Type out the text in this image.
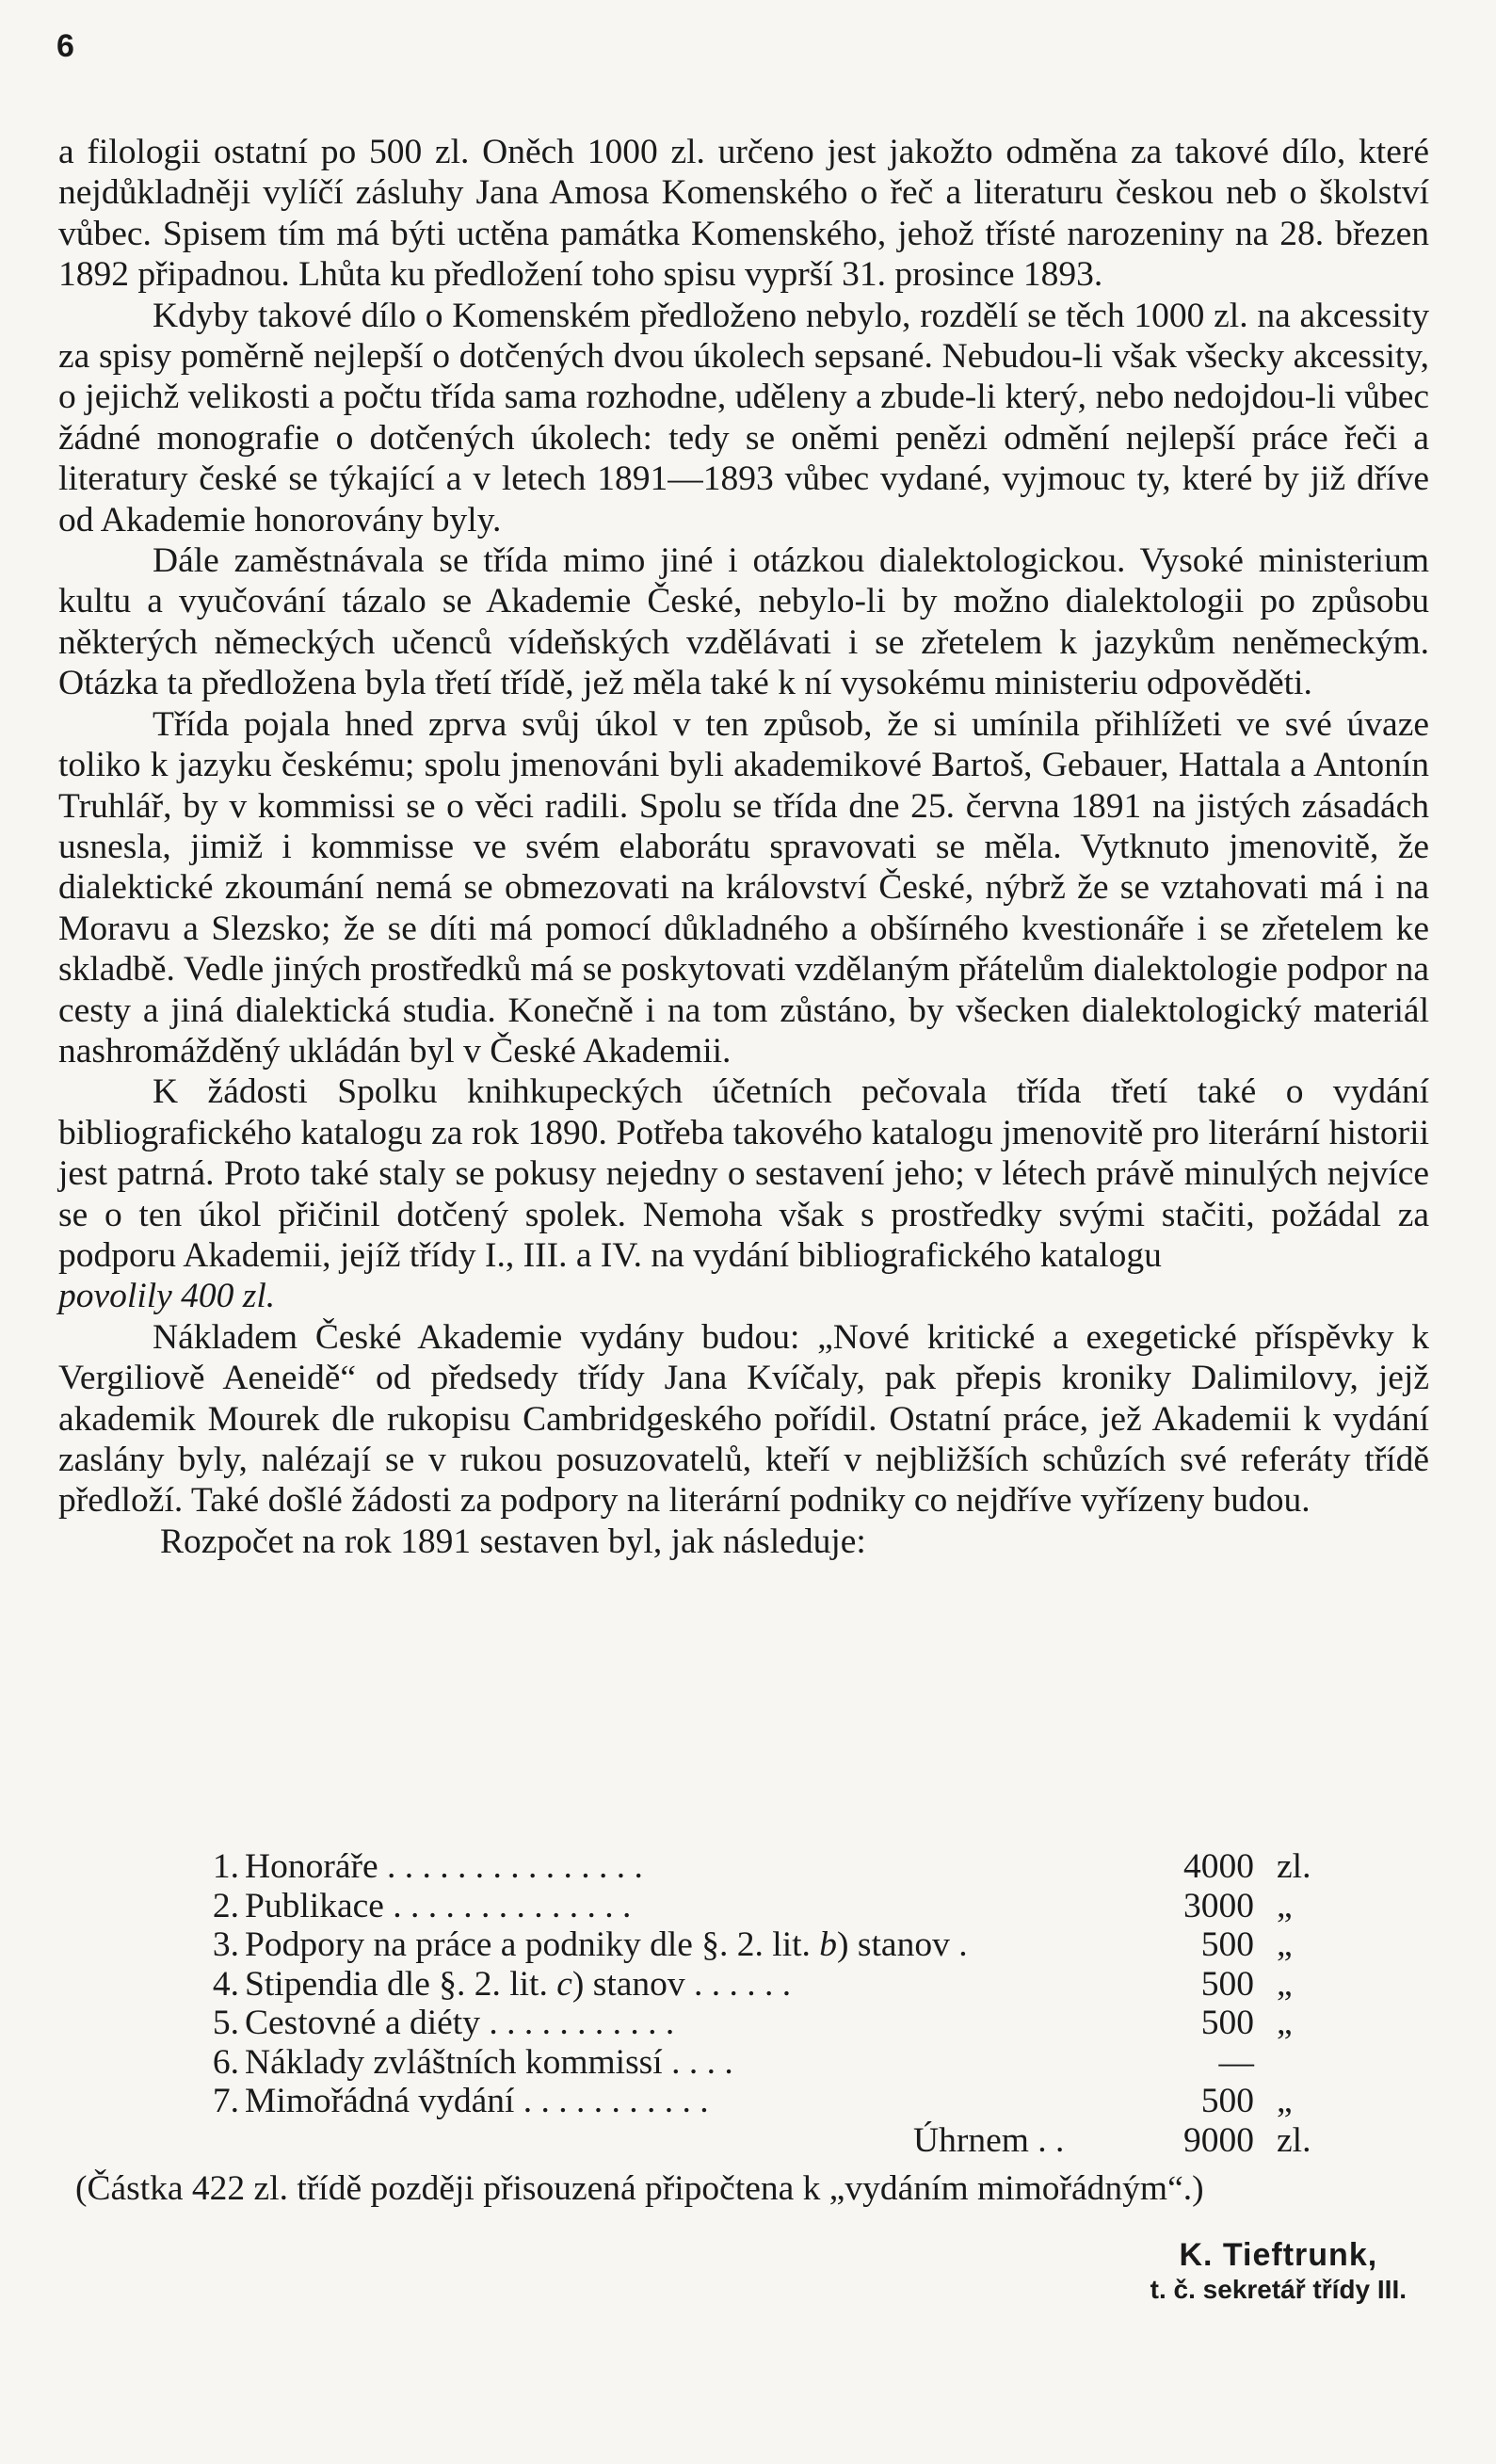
6

a filologii ostatní po 500 zl. Oněch 1000 zl. určeno jest jakožto odměna za takové dílo, které nejdůkladněji vylíčí zásluhy Jana Amosa Komenského o řeč a literaturu českou neb o školství vůbec. Spisem tím má býti uctěna památka Komenského, jehož třísté narozeniny na 28. březen 1892 připadnou. Lhůta ku předložení toho spisu vyprší 31. prosince 1893.

Kdyby takové dílo o Komenském předloženo nebylo, rozdělí se těch 1000 zl. na akcessity za spisy poměrně nejlepší o dotčených dvou úkolech sepsané. Nebudou-li však všecky akcessity, o jejichž velikosti a počtu třída sama rozhodne, uděleny a zbude-li který, nebo nedojdou-li vůbec žádné monografie o dotčených úkolech: tedy se oněmi penězi odmění nejlepší práce řeči a literatury české se týkající a v letech 1891—1893 vůbec vydané, vyjmouc ty, které by již dříve od Akademie honorovány byly.

Dále zaměstnávala se třída mimo jiné i otázkou dialektologickou. Vysoké ministerium kultu a vyučování tázalo se Akademie České, nebylo-li by možno dialektologii po způsobu některých německých učenců vídeňských vzdělávati i se zřetelem k jazykům neněmeckým. Otázka ta předložena byla třetí třídě, jež měla také k ní vysokému ministeriu odpověděti.

Třída pojala hned zprva svůj úkol v ten způsob, že si umínila přihlížeti ve své úvaze toliko k jazyku českému; spolu jmenováni byli akademikové Bartoš, Gebauer, Hattala a Antonín Truhlář, by v kommissi se o věci radili. Spolu se třída dne 25. června 1891 na jistých zásadách usnesla, jimiž i kommisse ve svém elaborátu spravovati se měla. Vytknuto jmenovitě, že dialektické zkoumání nemá se obmezovati na království České, nýbrž že se vztahovati má i na Moravu a Slezsko; že se díti má pomocí důkladného a obšírného kvestionáře i se zřetelem ke skladbě. Vedle jiných prostředků má se poskytovati vzdělaným přátelům dialektologie podpor na cesty a jiná dialektická studia. Konečně i na tom zůstáno, by všecken dialektologický materiál nashromážděný ukládán byl v České Akademii.

K žádosti Spolku knihkupeckých účetních pečovala třída třetí také o vydání bibliografického katalogu za rok 1890. Potřeba takového katalogu jmenovitě pro literární historii jest patrná. Proto také staly se pokusy nejedny o sestavení jeho; v létech právě minulých nejvíce se o ten úkol přičinil dotčený spolek. Nemoha však s prostředky svými stačiti, požádal za podporu Akademii, jejíž třídy I., III. a IV. na vydání bibliografického katalogu
povolily 400 zl.

Nákladem České Akademie vydány budou: „Nové kritické a exegetické příspěvky k Vergiliově Aeneidě“ od předsedy třídy Jana Kvíčaly, pak přepis kroniky Dalimilovy, jejž akademik Mourek dle rukopisu Cambridgeského pořídil. Ostatní práce, jež Akademii k vydání zaslány byly, nalézají se v rukou posuzovatelů, kteří v nejbližších schůzích své referáty třídě předloží. Také došlé žádosti za podpory na literární podniky co nejdříve vyřízeny budou.

Rozpočet na rok 1891 sestaven byl, jak následuje:

1. Honoráře . . . . . . . . . . . . . . .	4000 zl.
2. Publikace . . . . . . . . . . . . . .	3000 „
3. Podpory na práce a podniky dle §. 2. lit. b) stanov .	500 „
4. Stipendia dle §. 2. lit. c) stanov . . . . . .	500 „
5. Cestovné a diéty . . . . . . . . . . .	500 „
6. Náklady zvláštních kommissí . . . .	—
7. Mimořádná vydání . . . . . . . . . . .	500 „
Úhrnem . .	9000 zl.

(Částka 422 zl. třídě později přisouzená připočtena k „vydáním mimořádným“.)

K. Tieftrunk,
t. č. sekretář třídy III.
